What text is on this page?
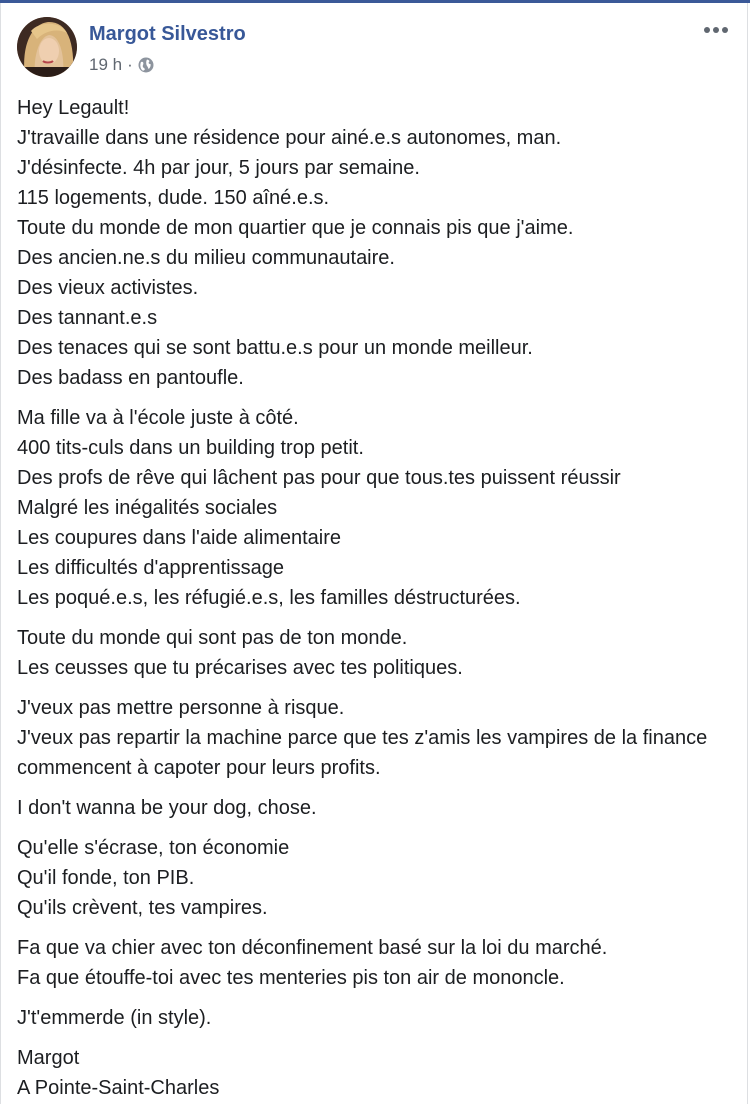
Margot Silvestro
19 h ·
Hey Legault!
J'travaille dans une résidence pour ainé.e.s autonomes, man.
J'désinfecte. 4h par jour, 5 jours par semaine.
115 logements, dude. 150 aîné.e.s.
Toute du monde de mon quartier que je connais pis que j'aime.
Des ancien.ne.s du milieu communautaire.
Des vieux activistes.
Des tannant.e.s
Des tenaces qui se sont battu.e.s pour un monde meilleur.
Des badass en pantoufle.
Ma fille va à l'école juste à côté.
400 tits-culs dans un building trop petit.
Des profs de rêve qui lâchent pas pour que tous.tes puissent réussir
Malgré les inégalités sociales
Les coupures dans l'aide alimentaire
Les difficultés d'apprentissage
Les poqué.e.s, les réfugié.e.s, les familles déstructurées.
Toute du monde qui sont pas de ton monde.
Les ceusses que tu précarises avec tes politiques.
J'veux pas mettre personne à risque.
J'veux pas repartir la machine parce que tes z'amis les vampires de la finance commencent à capoter pour leurs profits.
I don't wanna be your dog, chose.
Qu'elle s'écrase, ton économie
Qu'il fonde, ton PIB.
Qu'ils crèvent, tes vampires.
Fa que va chier avec ton déconfinement basé sur la loi du marché.
Fa que étouffe-toi avec tes menteries pis ton air de mononcle.
J't'emmerde (in style).
Margot
A Pointe-Saint-Charles
